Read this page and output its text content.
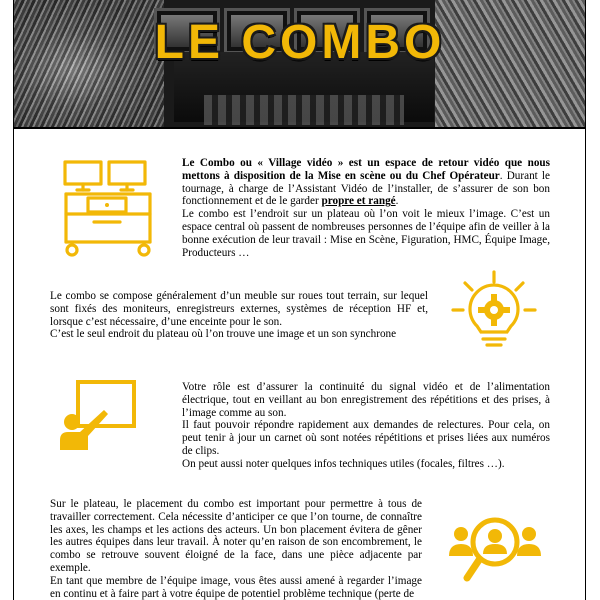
LE COMBO

Le Combo ou « Village vidéo » est un espace de retour vidéo que nous mettons à disposition de la Mise en scène ou du Chef Opérateur. Durant le tournage, à charge de l’Assistant Vidéo de l’installer, de s’assurer de son bon fonctionnement et de le garder propre et rangé.

Le combo est l’endroit sur un plateau où l’on voit le mieux l’image. C’est un espace central où passent de nombreuses personnes de l’équipe afin de veiller à la bonne exécution de leur travail : Mise en Scène, Figuration, HMC, Équipe Image, Producteurs …

Le combo se compose généralement d’un meuble sur roues tout terrain, sur lequel sont fixés des moniteurs, enregistreurs externes, systèmes de réception HF et, lorsque c’est nécessaire, d’une enceinte pour le son.

C’est le seul endroit du plateau où l’on trouve une image et un son synchrone

Votre rôle est d’assurer la continuité du signal vidéo et de l’alimentation électrique, tout en veillant au bon enregistrement des répétitions et des prises, à l’image comme au son.

Il faut pouvoir répondre rapidement aux demandes de relectures. Pour cela, on peut tenir à jour un carnet où sont notées répétitions et prises liées aux numéros de clips.

On peut aussi noter quelques infos techniques utiles (focales, filtres …).

Sur le plateau, le placement du combo est important pour permettre à tous de travailler correctement. Cela nécessite d’anticiper ce que l’on tourne, de connaître les axes, les champs et les actions des acteurs. Un bon placement évitera de gêner les autres équipes dans leur travail. À noter qu’en raison de son encombrement, le combo se retrouve souvent éloigné de la face, dans une pièce adjacente par exemple.

En tant que membre de l’équipe image, vous êtes aussi amené à regarder l’image en continu et à faire part à votre équipe de potentiel problème technique (perte de
